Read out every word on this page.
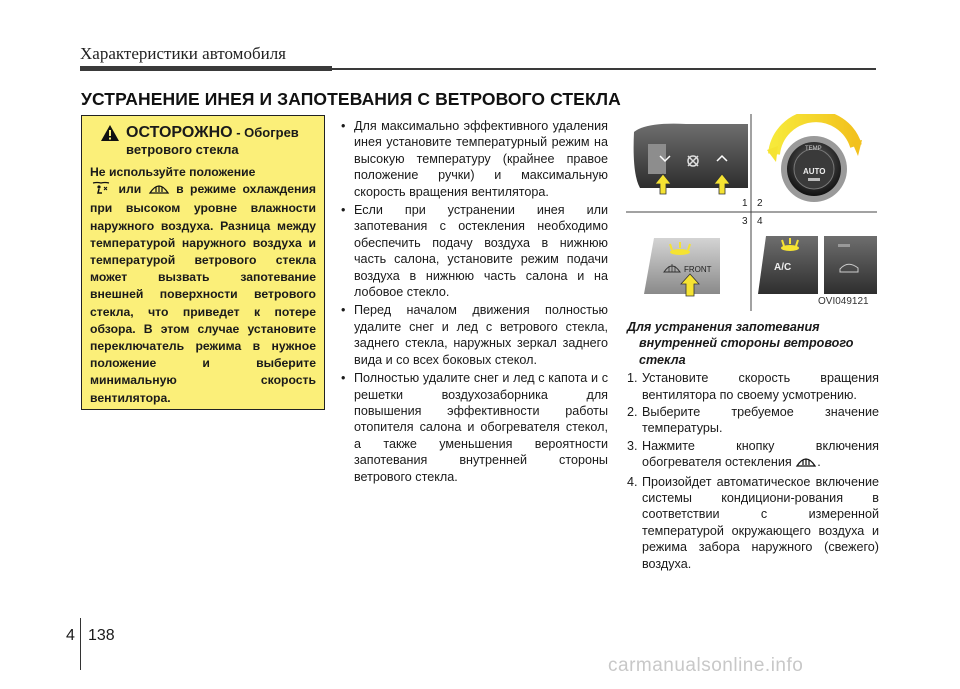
Характеристики автомобиля
УСТРАНЕНИЕ ИНЕЯ И ЗАПОТЕВАНИЯ С ВЕТРОВОГО СТЕКЛА
ОСТОРОЖНО - Обогрев
ветрового стекла
Не используйте положение
или	в режиме охлаждения при высоком уровне влажности наружного воздуха. Разница между температурой наружного воздуха и температурой ветрового стекла может вызвать запотевание внешней поверхности ветрового стекла, что приведет к потере обзора. В этом случае установите переключатель режима в нужное положение и выберите минимальную скорость вентилятора.
• Для максимально эффективного удаления инея установите температурный режим на высокую температуру (крайнее правое положение ручки) и максимальную скорость вращения вентилятора.
• Если при устранении инея или запотевания с остекления необходимо обеспечить подачу воздуха в нижнюю часть салона, установите режим подачи воздуха в нижнюю часть салона и на лобовое стекло.
• Перед началом движения полностью удалите снег и лед с ветрового стекла, заднего стекла, наружных зеркал заднего вида и со всех боковых стекол.
• Полностью удалите снег и лед с капота и с решетки воздухозаборника для повышения эффективности работы отопителя салона и обогревателя стекол, а также уменьшения вероятности запотевания внутренней стороны ветрового стекла.
TEMP
AUTO
1 2
3 4
FRONT	A/C
OVI049121
Для устранения запотевания
внутренней стороны ветрового
стекла
1. Установите скорость вращения вентилятора по своему усмотрению.
2. Выберите требуемое значение температуры.
3. Нажмите кнопку включения обогревателя остекления .
4. Произойдет автоматическое включение системы кондициони-рования в соответствии с измеренной температурой окружающего воздуха и режима забора наружного (свежего) воздуха.
4 138
carmanualsonline.info
